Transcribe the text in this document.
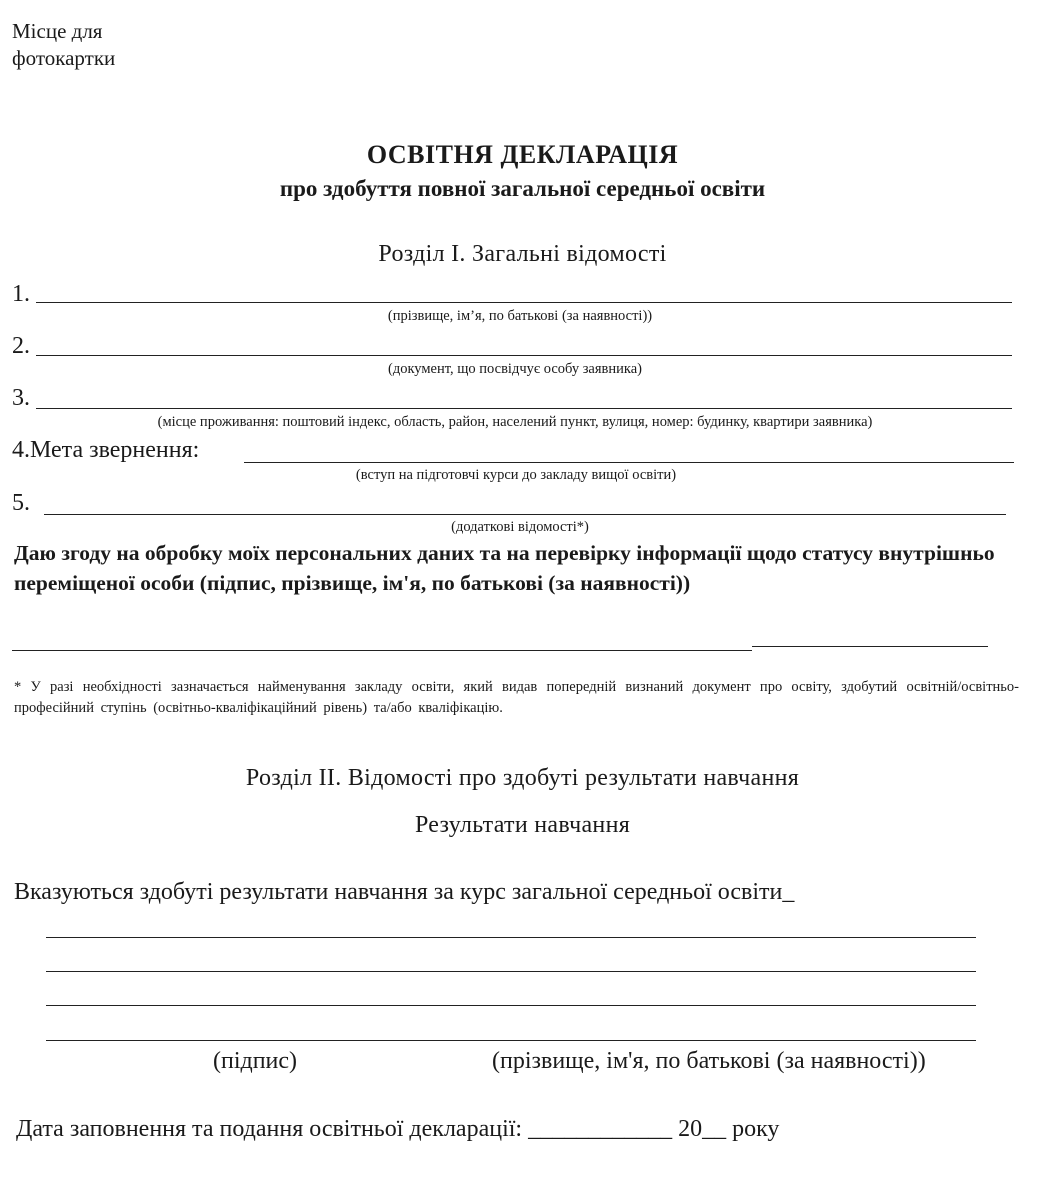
Місце для
фотокартки
ОСВІТНЯ ДЕКЛАРАЦІЯ
про здобуття повної загальної середньої освіти
Розділ І. Загальні відомості
1.
(прізвище, ім’я, по батькові (за наявності))
2.
(документ, що посвідчує особу заявника)
3.
(місце проживання: поштовий індекс, область, район, населений пункт, вулиця, номер: будинку, квартири заявника)
4.Мета звернення:
(вступ на підготовчі курси до закладу вищої освіти)
5.
(додаткові відомості*)
Даю згоду на обробку моїх персональних даних та на перевірку інформації щодо статусу внутрішньо переміщеної особи (підпис, прізвище, ім'я, по батькові (за наявності))
* У разі необхідності зазначається найменування закладу освіти, який видав попередній визнаний документ про освіту, здобутий освітній/освітньо-професійний ступінь (освітньо-кваліфікаційний рівень) та/або кваліфікацію.
Розділ ІІ. Відомості про здобуті результати навчання
Результати навчання
Вказуються здобуті результати навчання за курс загальної середньої освіти_
(підпис)	(прізвище, ім'я, по батькові (за наявності))
Дата заповнення та подання освітньої декларації: ____________ 20__ року
